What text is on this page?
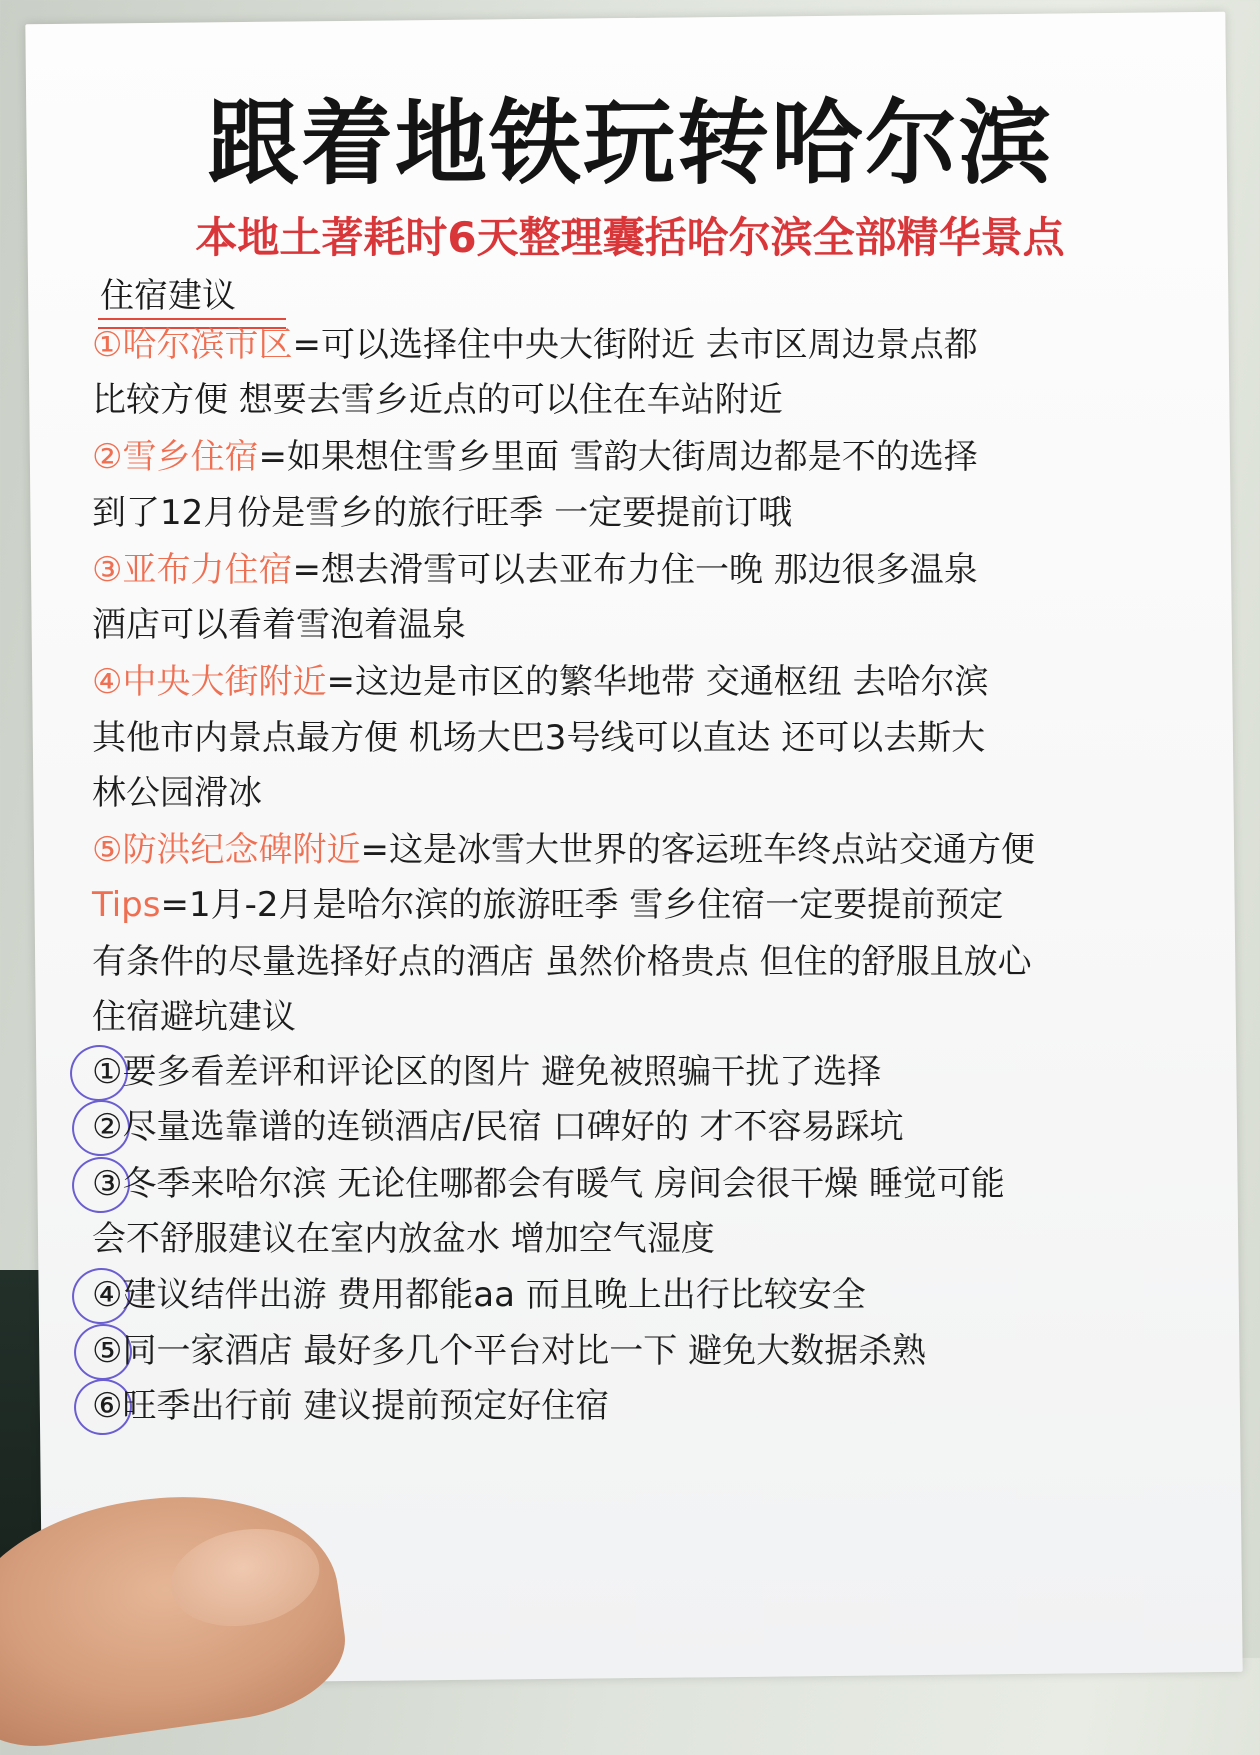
跟着地铁玩转哈尔滨
本地土著耗时6天整理囊括哈尔滨全部精华景点
住宿建议
①哈尔滨市区=可以选择住中央大街附近 去市区周边景点都
比较方便 想要去雪乡近点的可以住在车站附近
②雪乡住宿=如果想住雪乡里面 雪韵大街周边都是不的选择
到了12月份是雪乡的旅行旺季 一定要提前订哦
③亚布力住宿=想去滑雪可以去亚布力住一晚 那边很多温泉
酒店可以看着雪泡着温泉
④中央大街附近=这边是市区的繁华地带 交通枢纽 去哈尔滨
其他市内景点最方便 机场大巴3号线可以直达 还可以去斯大
林公园滑冰
⑤防洪纪念碑附近=这是冰雪大世界的客运班车终点站交通方便
Tips=1月-2月是哈尔滨的旅游旺季 雪乡住宿一定要提前预定
有条件的尽量选择好点的酒店 虽然价格贵点 但住的舒服且放心
住宿避坑建议
①要多看差评和评论区的图片 避免被照骗干扰了选择
②尽量选靠谱的连锁酒店/民宿 口碑好的 才不容易踩坑
③冬季来哈尔滨 无论住哪都会有暖气 房间会很干燥 睡觉可能
会不舒服建议在室内放盆水 增加空气湿度
④建议结伴出游 费用都能aa 而且晚上出行比较安全
⑤同一家酒店 最好多几个平台对比一下 避免大数据杀熟
⑥旺季出行前 建议提前预定好住宿
